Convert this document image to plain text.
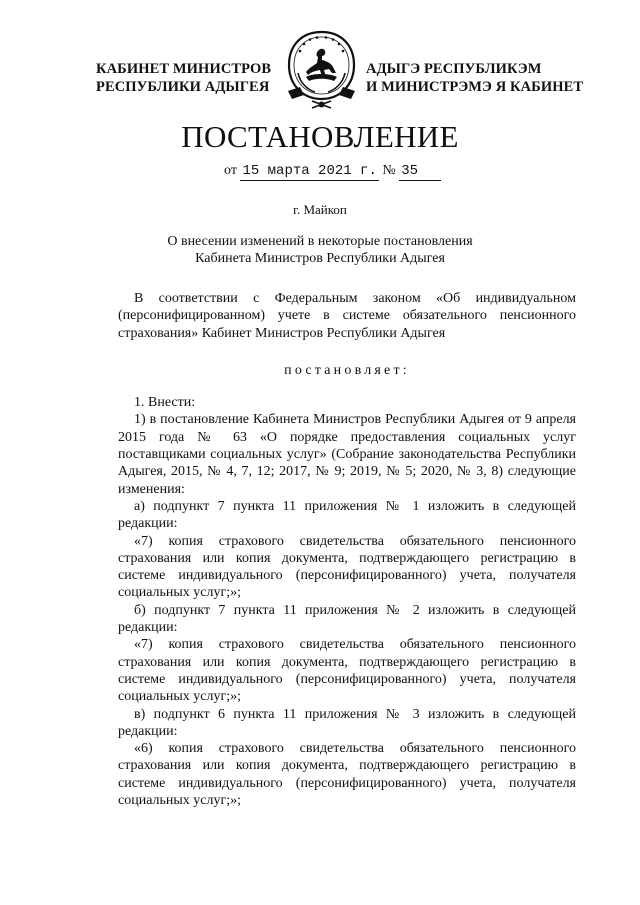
КАБИНЕТ МИНИСТРОВ
РЕСПУБЛИКИ АДЫГЕЯ
АДЫГЭ РЕСПУБЛИКЭМ
И МИНИСТРЭМЭ Я КАБИНЕТ
ПОСТАНОВЛЕНИЕ
от 15 марта 2021 г. № 35
г. Майкоп
О внесении изменений в некоторые постановления
Кабинета Министров Республики Адыгея

В соответствии с Федеральным законом «Об индивидуальном (персонифицированном) учете в системе обязательного пенсионного страхования» Кабинет Министров Республики Адыгея

постановляет:

1. Внести:

1) в постановление Кабинета Министров Республики Адыгея от 9 апреля 2015 года № 63 «О порядке предоставления социальных услуг поставщиками социальных услуг» (Собрание законодательства Республики Адыгея, 2015, № 4, 7, 12; 2017, № 9; 2019, № 5; 2020, № 3, 8) следующие изменения:

а) подпункт 7 пункта 11 приложения № 1 изложить в следующей редакции:

«7) копия страхового свидетельства обязательного пенсионного страхования или копия документа, подтверждающего регистрацию в системе индивидуального (персонифицированного) учета, получателя социальных услуг;»;

б) подпункт 7 пункта 11 приложения № 2 изложить в следующей редакции:

«7) копия страхового свидетельства обязательного пенсионного страхования или копия документа, подтверждающего регистрацию в системе индивидуального (персонифицированного) учета, получателя социальных услуг;»;

в) подпункт 6 пункта 11 приложения № 3 изложить в следующей редакции:

«6) копия страхового свидетельства обязательного пенсионного страхования или копия документа, подтверждающего регистрацию в системе индивидуального (персонифицированного) учета, получателя социальных услуг;»;
